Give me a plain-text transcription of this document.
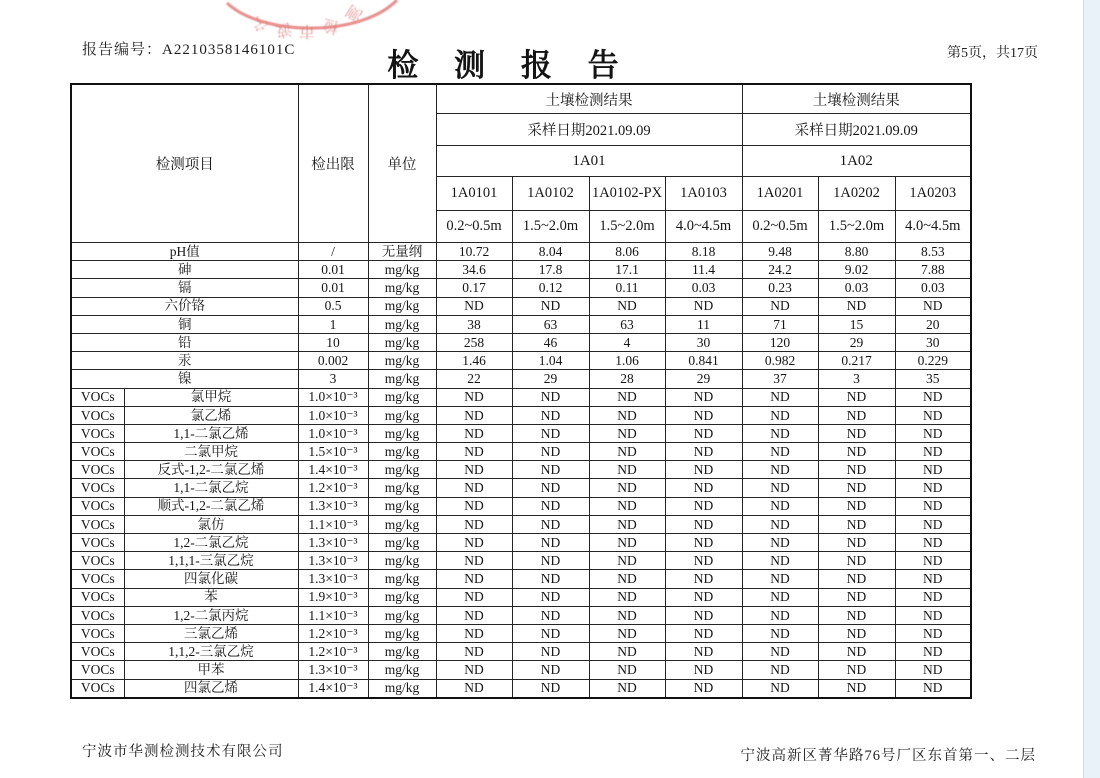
宁 波 市 检
测
报告编号：A2210358146101C	检 测 报 告	第5页，共17页
检测项目		检出限	单位	土壤检测结果				土壤检测结果		
				采样日期2021.09.09				采样日期2021.09.09		
				1A01				1A02		
				1A0101	1A0102	1A0102-PX	1A0103	1A0201	1A0202	1A0203
				0.2~0.5m	1.5~2.0m	1.5~2.0m	4.0~4.5m	0.2~0.5m	1.5~2.0m	4.0~4.5m
pH值		/	无量纲	10.72	8.04	8.06	8.18	9.48	8.80	8.53
砷		0.01	mg/kg	34.6	17.8	17.1	11.4	24.2	9.02	7.88
镉		0.01	mg/kg	0.17	0.12	0.11	0.03	0.23	0.03	0.03
六价铬		0.5	mg/kg	ND	ND	ND	ND	ND	ND	ND
铜		1	mg/kg	38	63	63	11	71	15	20
铅		10	mg/kg	258	46	4	30	120	29	30
汞		0.002	mg/kg	1.46	1.04	1.06	0.841	0.982	0.217	0.229
镍		3	mg/kg	22	29	28	29	37	3	35
VOCs	氯甲烷	1.0×10⁻³	mg/kg	ND	ND	ND	ND	ND	ND	ND
VOCs	氯乙烯	1.0×10⁻³	mg/kg	ND	ND	ND	ND	ND	ND	ND
VOCs	1,1-二氯乙烯	1.0×10⁻³	mg/kg	ND	ND	ND	ND	ND	ND	ND
VOCs	二氯甲烷	1.5×10⁻³	mg/kg	ND	ND	ND	ND	ND	ND	ND
VOCs	反式-1,2-二氯乙烯	1.4×10⁻³	mg/kg	ND	ND	ND	ND	ND	ND	ND
VOCs	1,1-二氯乙烷	1.2×10⁻³	mg/kg	ND	ND	ND	ND	ND	ND	ND
VOCs	顺式-1,2-二氯乙烯	1.3×10⁻³	mg/kg	ND	ND	ND	ND	ND	ND	ND
VOCs	氯仿	1.1×10⁻³	mg/kg	ND	ND	ND	ND	ND	ND	ND
VOCs	1,2-二氯乙烷	1.3×10⁻³	mg/kg	ND	ND	ND	ND	ND	ND	ND
VOCs	1,1,1-三氯乙烷	1.3×10⁻³	mg/kg	ND	ND	ND	ND	ND	ND	ND
VOCs	四氯化碳	1.3×10⁻³	mg/kg	ND	ND	ND	ND	ND	ND	ND
VOCs	苯	1.9×10⁻³	mg/kg	ND	ND	ND	ND	ND	ND	ND
VOCs	1,2-二氯丙烷	1.1×10⁻³	mg/kg	ND	ND	ND	ND	ND	ND	ND
VOCs	三氯乙烯	1.2×10⁻³	mg/kg	ND	ND	ND	ND	ND	ND	ND
VOCs	1,1,2-三氯乙烷	1.2×10⁻³	mg/kg	ND	ND	ND	ND	ND	ND	ND
VOCs	甲苯	1.3×10⁻³	mg/kg	ND	ND	ND	ND	ND	ND	ND
VOCs	四氯乙烯	1.4×10⁻³	mg/kg	ND	ND	ND	ND	ND	ND	ND
宁波市华测检测技术有限公司	宁波高新区菁华路76号厂区东首第一、二层
